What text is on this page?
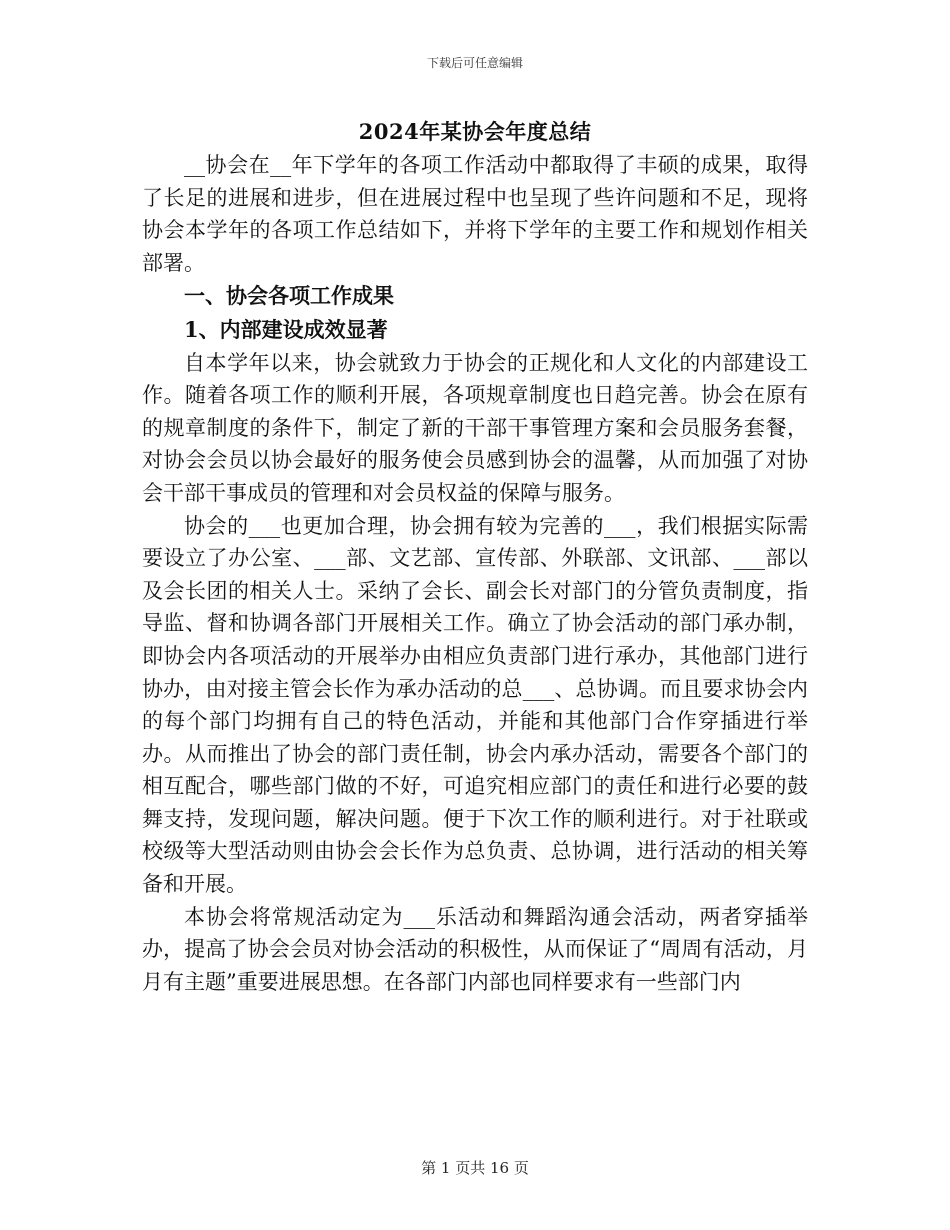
下载后可任意编辑
2024年某协会年度总结

__协会在__年下学年的各项工作活动中都取得了丰硕的成果，取得了长足的进展和进步，但在进展过程中也呈现了些许问题和不足，现将协会本学年的各项工作总结如下，并将下学年的主要工作和规划作相关部署。

一、协会各项工作成果

1、内部建设成效显著

自本学年以来，协会就致力于协会的正规化和人文化的内部建设工作。随着各项工作的顺利开展，各项规章制度也日趋完善。协会在原有的规章制度的条件下，制定了新的干部干事管理方案和会员服务套餐，对协会会员以协会最好的服务使会员感到协会的温馨，从而加强了对协会干部干事成员的管理和对会员权益的保障与服务。

协会的___也更加合理，协会拥有较为完善的___，我们根据实际需要设立了办公室、___部、文艺部、宣传部、外联部、文讯部、___部以及会长团的相关人士。采纳了会长、副会长对部门的分管负责制度，指导监、督和协调各部门开展相关工作。确立了协会活动的部门承办制，即协会内各项活动的开展举办由相应负责部门进行承办，其他部门进行协办，由对接主管会长作为承办活动的总___、总协调。而且要求协会内的每个部门均拥有自己的特色活动，并能和其他部门合作穿插进行举办。从而推出了协会的部门责任制，协会内承办活动，需要各个部门的相互配合，哪些部门做的不好，可追究相应部门的责任和进行必要的鼓舞支持，发现问题，解决问题。便于下次工作的顺利进行。对于社联或校级等大型活动则由协会会长作为总负责、总协调，进行活动的相关筹备和开展。

本协会将常规活动定为___乐活动和舞蹈沟通会活动，两者穿插举办，提高了协会会员对协会活动的积极性，从而保证了“周周有活动，月月有主题”重要进展思想。在各部门内部也同样要求有一些部门内

第 1 页共 16 页
